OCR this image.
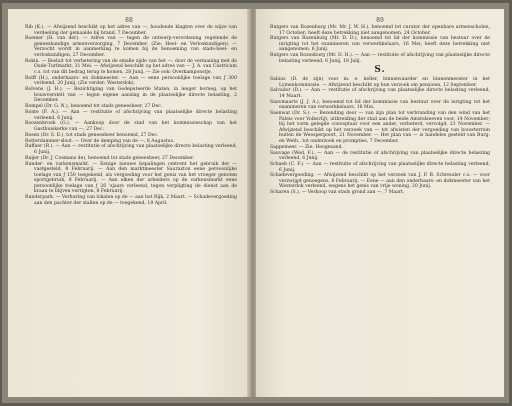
88
Rib (K.). — Afwijzend beschikt op het adres van —, houdende klagten over de wijze van verdeeling der gemaalde bij brand, 7 December.
Roemer (H. van der). — Adres van — tegen de ontwerp-verordening regelende de geneeskundige armenverzorging, 7 December. (Zie: Heel- en Verloskundigen). — Verzocht wordt in aanmerking te komen bij de benoeming van stads-heel- en verloskundigen, 27 December.
Rokin. — Besluit tot verbetering van de smalle zijde van het —, door de vermaning met de Oude-Turfmarkt, 31 Mei. — Afwijzend beschikt op het adres van — J. A. van Castricum c.s. tot van dit bedrag terug te komen, 28 Junij. — Zie ook: Overkamponstje.
Rolff (H.), onderbaars- en dokmeester. — Aan — eene persoonlijke toelage van ƒ 300 verleend, 20 Junij. (Zie verder: Westerdok).
Rolvens (J. H.). — Bezichtiging van Gedeputeerde Staten, in lenger borneg, op het bouwverstelt van — tegen eigene aanslag in de plaatselijke directe belasting, 2 December.
Rompel (Dr. G. N.), benoemd tot stads geneesheer, 27 Dec.
Ronte (F. A.). — Aan — restitutie of afschrijving van plaatselijke directe belasting verleend, 6 Junij.
Roozenbroek (G.). — Aankoop door de stad van het kommissieschap van het Gasthuiskerke van —, 27 Dec.
Rosen (Dr. S. E.), tot stads geneesheer benoemd, 27 Dec.
Rotterdammer-sloot. — Over de demping van de —, 8 Augustus.
Ruffaer (R.). — Aan — restitutie of afschrijving van plaatselijke directe belasting verleend, 6 Junij.
Ruijer (Dr. J. Cosmans de), benoemd tot stads geneesheer, 27 December.
Runder- en varkensmarkt. — Eenige nieuwe bepalingen omtrent het gebruik der — vastgesteld, 8 Februarij. — Aan den marktmeester Sauraxton eene persoonlijke toelage van ƒ 150 toegekend, als vergoeding voor het genis van het vroeger genoten sportgebruik, 8 Februarij. — Aan elken der arbeiders op de varkensmarkt eene persoonlijke toelage van ƒ 26 'sjaars verleend, tegen verpligting de dienst aan de kraan te blijven verrigten, 8 Februarij.
Runderpark. — Verhuring van lokalen op de — aan het Rijk, 2 Maart. — Schadevergoeding aan den pachter der stallen op de — toegekend, 18 April.
89
Rutgers van Rozenburg (Mr. Mr. J. W. H.), benoemd tot curator der openbare armenscholen, 17 October; heeft deze betrekking niet aangenomen, 24 October.
Rutgers van Rozenburg (Mr. D. D.), benoemd tot lid der kommissie van bestuur over de inrigting tot het examineren van verwerkkelaars, 16 Mei; heeft deze betrekking niet aangenomen, 6 Junij.
Rutgers van Rozenburg (Mr. D. H.). — Aan — restitutie of afschrijving van plaatselijke directe belasting verleend, 6 Junij, 18 Julij.
S.
Sabius (D. de zijn) voor m. e. keller, binnenvaarder en binnenmeester in het Lymenkommissie. — Afwijzend beschikt op hun verzoek om pensioen, 12 September.
Salvador (D.). — Aan — restitutie of afschrijving van plaatselijke directe belasting verleend, 14 Maart.
Sanvmaarts (J. J. A.), benoemd tot lid der kommissie van bestuur over de inrigting tot het examineren van verwerkkelaars, 16 Mei.
Saenwat (Dr. S.). — Bezending door — van zijn plan tot verbranding van den wind van het Paleis voor Volksvlijt, uitbreiding der stad aan de beide Amstelzeeven voor, 14 November; bij het vorm gelegde conceptaar voor een ander, verbeterd, vervolgd, 21 November. — Afwijzend beschikt op het verzoek van — tot afwisten der vergoeding van bouwterrein buiten de Weesperpoort, 21 November. — Het plan van — is handeles gesteld van Burg. en Weth., tot onderzoek en prompties, 7 December.
Sappemeer. — Zie: Hoogezand.
Sauvage (Wed. F.). — Aan — de restitutie of afschrijving van plaatselijke directe belasting verleend, 6 Junij.
Schaeb (C. F.). — Aan — restitutie of afschrijving van plaatselijke directe belasting verleend, 6 Junij.
Schadevergoeding. — Afwijzend beschikt op het verzoek van J. P. B. Schreuder c.s. — voor verzwijgd genoegens, 8 Februarij. — Eene — aan den onderbaars- en dokmeester van het Westerdok verleend, wegens het genis van vrije woning, 20 Junij.
Scharen (S.). — Verkoop van stads grond aan —, 7 Maart.
